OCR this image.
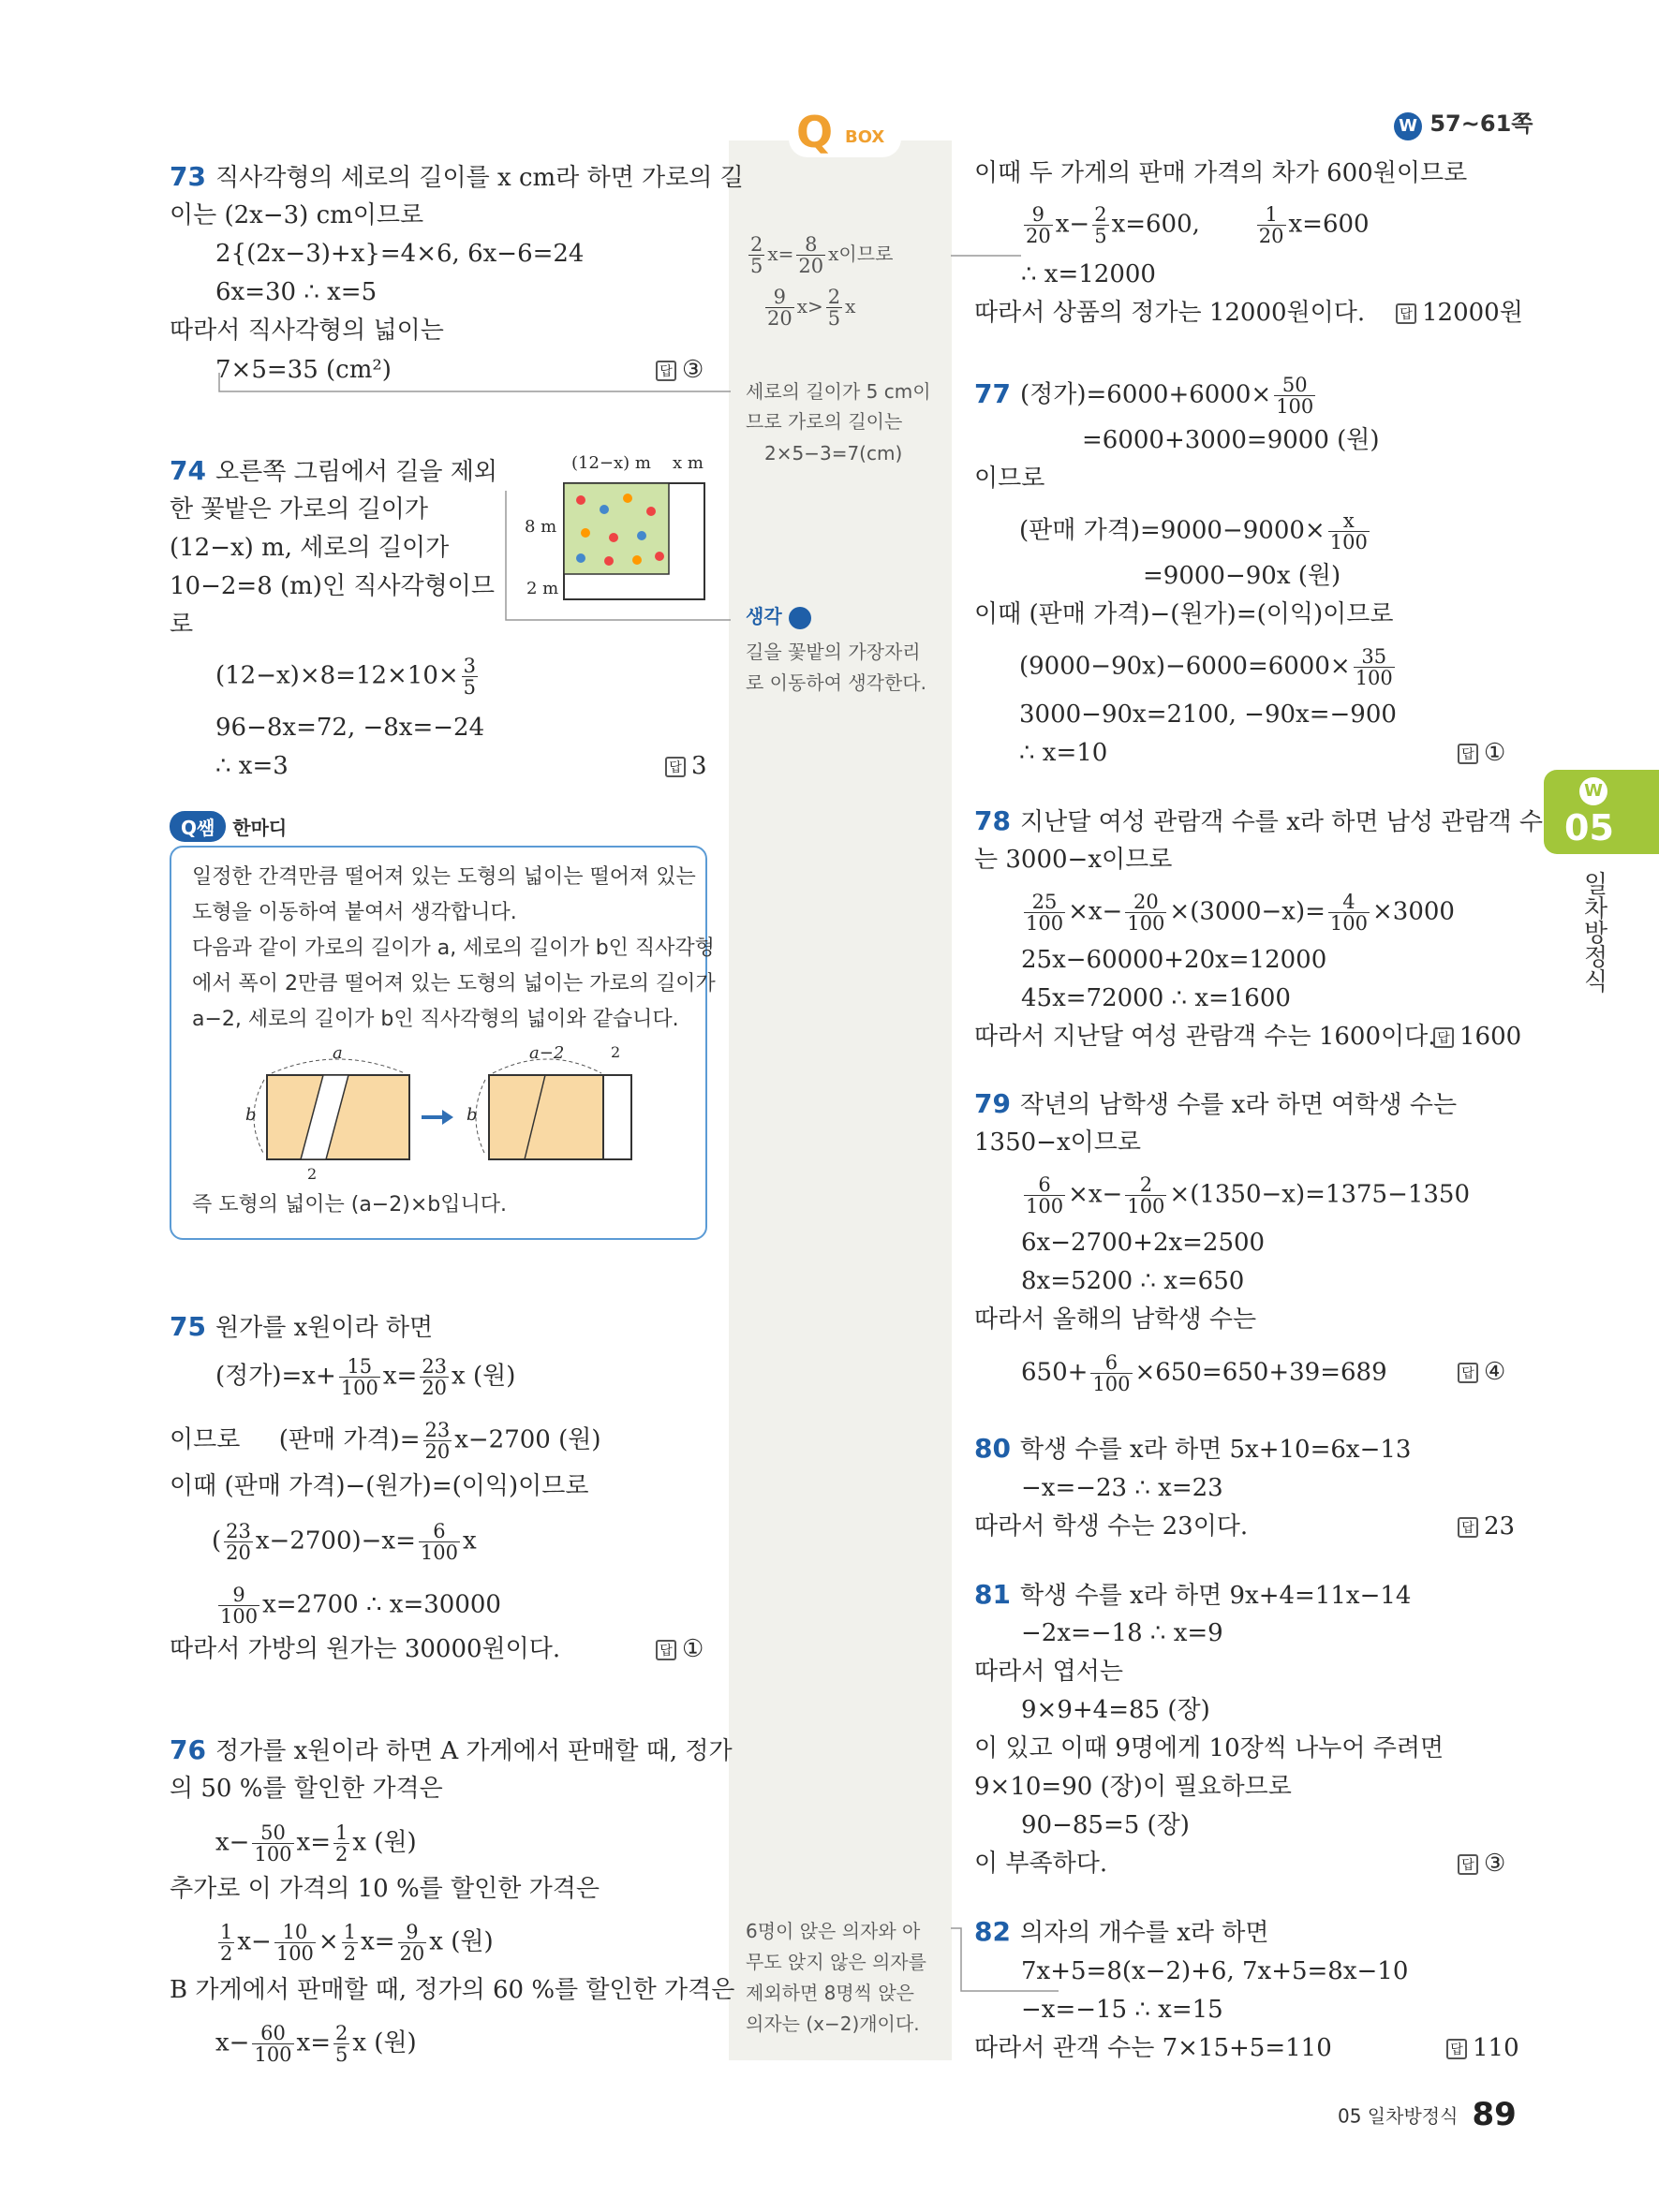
W 57~61쪽
Q BOX
$\frac{2}{5} x= \frac{8}{20}$ x이므로
$\frac{9}{20} x> \frac{2}{5}$ x
세로의 길이가 5 cm이
므로 가로의 길이는
2×5−3=7(cm)
생각
길을 꽃밭의 가장자리
로 이동하여 생각한다.
6명이 앉은 의자와 아
무도 앉지 않은 의자를
제외하면 8명씩 앉은
의자는 (x−2)개이다.
73 직사각형의 세로의 길이를 x cm라 하면 가로의 길
이는 (2x−3) cm이므로
2{(2x−3)+x}=4×6, 6x−6=24
6x=30 ∴ x=5
따라서 직사각형의 넓이는
7×5=35 (cm²)	답 ③
74 오른쪽 그림에서 길을 제외
한 꽃밭은 가로의 길이가
(12−x) m, 세로의 길이가
10−2=8 (m)인 직사각형이므
로
$(12-x)\times 8=12\times 10\times \frac{3}{5}$
96−8x=72, −8x=−24
∴ x=3	답 3
(12−x) m x m
8 m
2 m
Q쌤 한마디
일정한 간격만큼 떨어져 있는 도형의 넓이는 떨어져 있는
도형을 이동하여 붙여서 생각합니다.
다음과 같이 가로의 길이가 a, 세로의 길이가 b인 직사각형
에서 폭이 2만큼 떨어져 있는 도형의 넓이는 가로의 길이가
a−2, 세로의 길이가 b인 직사각형의 넓이와 같습니다.
a
b
2
b
a−2	2
즉 도형의 넓이는 (a−2)×b입니다.
75 원가를 x원이라 하면
(정가)$=x+ \frac{15}{100} x= \frac{23}{20}$ x (원)
이므로 (판매 가격)= $\frac{23}{20} x-2700$ (원)
이때 (판매 가격)−(원가)=(이익)이므로
( $\frac{23}{20} x-2700)-x= \frac{6}{100}$ x
$\frac{9}{100} x=2700$ ∴ x=30000
따라서 가방의 원가는 30000원이다.	답 ①
76 정가를 x원이라 하면 A 가게에서 판매할 때, 정가
의 50 %를 할인한 가격은
$x- \frac{50}{100} x= \frac{1}{2}$ x (원)
추가로 이 가격의 10 %를 할인한 가격은
$\frac{1}{2} x- \frac{10}{100} \times \frac{1}{2} x= \frac{9}{20}$ x (원)
B 가게에서 판매할 때, 정가의 60 %를 할인한 가격은
$x- \frac{60}{100} x= \frac{2}{5}$ x (원)
이때 두 가게의 판매 가격의 차가 600원이므로
$\frac{9}{20} x- \frac{2}{5} x=600$, $\frac{1}{20} x=600$
∴ x=12000
따라서 상품의 정가는 12000원이다.	답 12000원
77 (정가)$=6000+6000\times \frac{50}{100}$
=6000+3000=9000 (원)
이므로
(판매 가격)$=9000-9000\times \frac{x}{100}$
=9000−90x (원)
이때 (판매 가격)−(원가)=(이익)이므로
$(9000-90x)-6000=6000\times \frac{35}{100}$
3000−90x=2100, −90x=−900
∴ x=10	답 ①
78 지난달 여성 관람객 수를 x라 하면 남성 관람객 수
는 3000−x이므로
$\frac{25}{100} \times x- \frac{20}{100} \times(3000-x)= \frac{4}{100} \times 3000$
25x−60000+20x=12000
45x=72000 ∴ x=1600
따라서 지난달 여성 관람객 수는 1600이다. 답 1600
79 작년의 남학생 수를 x라 하면 여학생 수는
1350−x이므로
$\frac{6}{100} \times x- \frac{2}{100} \times(1350-x)=1375-1350$
6x−2700+2x=2500
8x=5200 ∴ x=650
따라서 올해의 남학생 수는
$650+ \frac{6}{100} \times 650=650+39=689$	답 ④
80 학생 수를 x라 하면 5x+10=6x−13
−x=−23 ∴ x=23
따라서 학생 수는 23이다.	답 23
81 학생 수를 x라 하면 9x+4=11x−14
−2x=−18 ∴ x=9
따라서 엽서는
9×9+4=85 (장)
이 있고 이때 9명에게 10장씩 나누어 주려면
9×10=90 (장)이 필요하므로
90−85=5 (장)
이 부족하다.	답 ③
82 의자의 개수를 x라 하면
7x+5=8(x−2)+6, 7x+5=8x−10
−x=−15 ∴ x=15
따라서 관객 수는 7×15+5=110	답 110
W
05
일차방정식
05 일차방정식 89
